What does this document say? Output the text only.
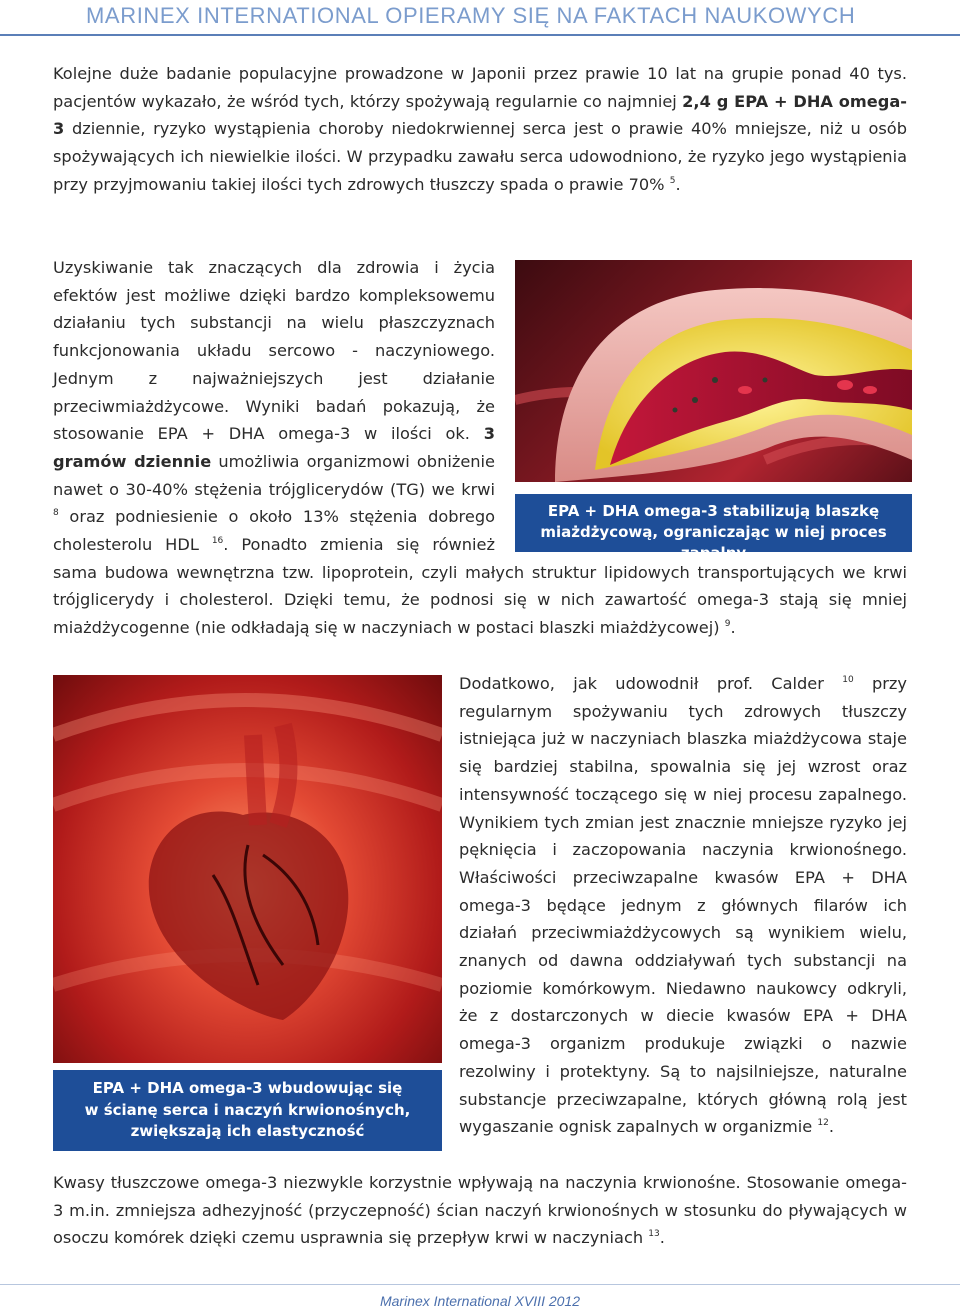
MARINEX INTERNATIONAL OPIERAMY SIĘ NA FAKTACH NAUKOWYCH

Kolejne duże badanie populacyjne prowadzone w Japonii przez prawie 10 lat na grupie ponad 40 tys. pacjentów wykazało, że wśród tych, którzy spożywają regularnie co najmniej 2,4 g EPA + DHA omega-3 dziennie, ryzyko wystąpienia choroby niedokrwiennej serca jest o prawie 40% mniejsze, niż u osób spożywających ich niewielkie ilości. W przypadku zawału serca udowodniono, że ryzyko jego wystąpienia przy przyjmowaniu takiej ilości tych zdrowych tłuszczy spada o prawie 70% $^5$.

Uzyskiwanie tak znaczących dla zdrowia i życia efektów jest możliwe dzięki bardzo kompleksowemu działaniu tych substancji na wielu płaszczyznach funkcjonowania układu sercowo - naczyniowego. Jednym z najważniejszych jest działanie przeciwmiażdżycowe. Wyniki badań pokazują, że stosowanie EPA + DHA omega-3 w ilości ok. 3 gramów dziennie umożliwia organizmowi obniżenie nawet o 30-40% stężenia trójglicerydów (TG) we krwi $^8$ oraz podniesienie o około 13% stężenia dobrego cholesterolu HDL $^{16}$. Ponadto zmienia się również sama budowa wewnętrzna tzw. lipoprotein, czyli małych struktur lipidowych transportujących we krwi trójglicerydy i cholesterol. Dzięki temu, że podnosi się w nich zawartość omega-3 stają się mniej miażdżycogenne (nie odkładają się w naczyniach w postaci blaszki miażdżycowej) $^9$.

EPA + DHA omega-3 stabilizują blaszkę
miażdżycową, ograniczając w niej proces zapalny
EPA + DHA omega-3 wbudowując się
w ścianę serca i naczyń krwionośnych,
zwiększają ich elastyczność

Dodatkowo, jak udowodnił prof. Calder $^{10}$ przy regularnym spożywaniu tych zdrowych tłuszczy istniejąca już w naczyniach blaszka miażdżycowa staje się bardziej stabilna, spowalnia się jej wzrost oraz intensywność toczącego się w niej procesu zapalnego. Wynikiem tych zmian jest znacznie mniejsze ryzyko jej pęknięcia i zaczopowania naczynia krwionośnego. Właściwości przeciwzapalne kwasów EPA + DHA omega-3 będące jednym z głównych filarów ich działań przeciwmiażdżycowych są wynikiem wielu, znanych od dawna oddziaływań tych substancji na poziomie komórkowym. Niedawno naukowcy odkryli, że z dostarczonych w diecie kwasów EPA + DHA omega-3 organizm produkuje związki o nazwie rezolwiny i protektyny. Są to najsilniejsze, naturalne substancje przeciwzapalne, których główną rolą jest wygaszanie ognisk zapalnych w organizmie $^{12}$.

Kwasy tłuszczowe omega-3 niezwykle korzystnie wpływają na naczynia krwionośne. Stosowanie omega-3 m.in. zmniejsza adhezyjność (przyczepność) ścian naczyń krwionośnych w stosunku do pływających w osoczu komórek dzięki czemu usprawnia się przepływ krwi w naczyniach $^{13}$.

Marinex International XVIII 2012
